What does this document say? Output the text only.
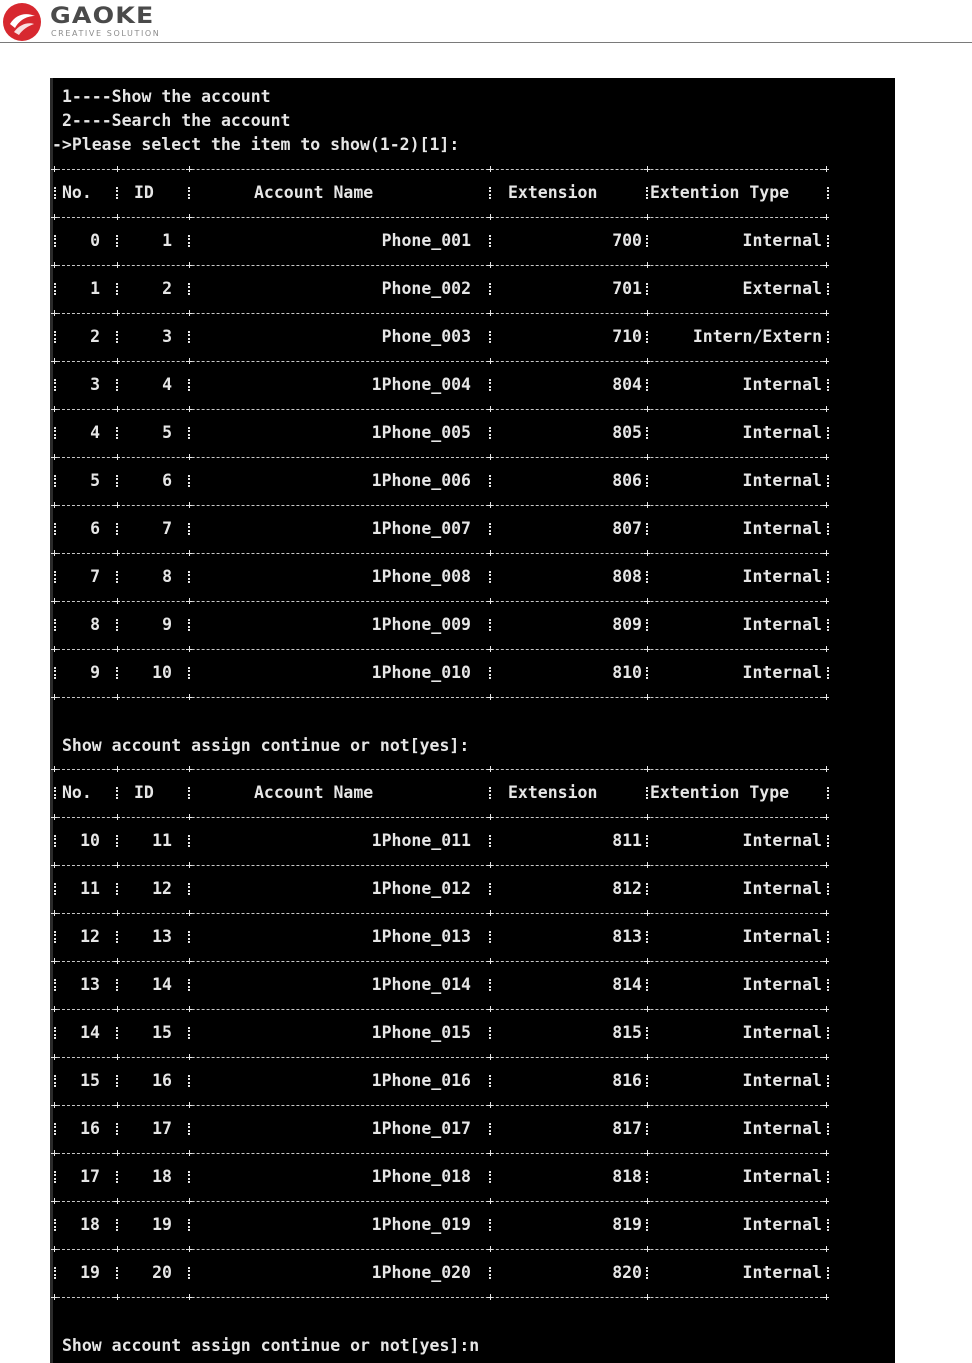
GAOKE
CREATIVE SOLUTION
1----Show the account
2----Search the account
->Please select the item to show(1-2)[1]:
No.	ID	Account Name	Extension	Extention Type
0	1	Phone_001	700	Internal
1	2	Phone_002	701	External
2	3	Phone_003	710	Intern/Extern
3	4	1Phone_004	804	Internal
4	5	1Phone_005	805	Internal
5	6	1Phone_006	806	Internal
6	7	1Phone_007	807	Internal
7	8	1Phone_008	808	Internal
8	9	1Phone_009	809	Internal
9	10	1Phone_010	810	Internal
Show account assign continue or not[yes]:
No.	ID	Account Name	Extension	Extention Type
10	11	1Phone_011	811	Internal
11	12	1Phone_012	812	Internal
12	13	1Phone_013	813	Internal
13	14	1Phone_014	814	Internal
14	15	1Phone_015	815	Internal
15	16	1Phone_016	816	Internal
16	17	1Phone_017	817	Internal
17	18	1Phone_018	818	Internal
18	19	1Phone_019	819	Internal
19	20	1Phone_020	820	Internal
Show account assign continue or not[yes]:n
